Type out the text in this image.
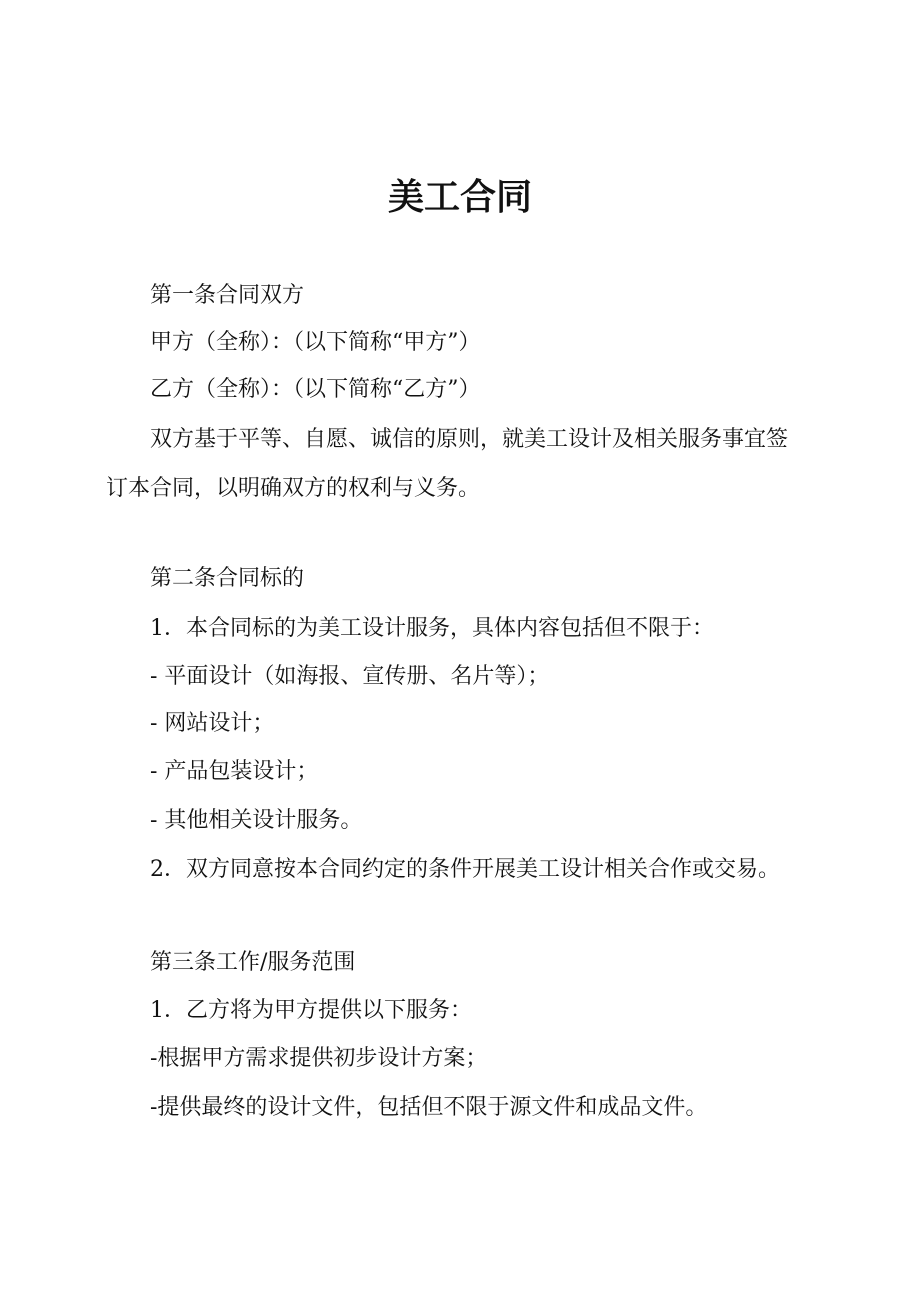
美工合同
第一条合同双方
甲方（全称）：（以下简称“甲方”）
乙方（全称）：（以下简称“乙方”）
双方基于平等、自愿、诚信的原则，就美工设计及相关服务事宜签
订本合同，以明确双方的权利与义务。
第二条合同标的
1．本合同标的为美工设计服务，具体内容包括但不限于：
- 平面设计（如海报、宣传册、名片等）；
- 网站设计；
- 产品包装设计；
- 其他相关设计服务。
2．双方同意按本合同约定的条件开展美工设计相关合作或交易。
第三条工作/服务范围
1．乙方将为甲方提供以下服务：
-根据甲方需求提供初步设计方案；
-提供最终的设计文件，包括但不限于源文件和成品文件。
